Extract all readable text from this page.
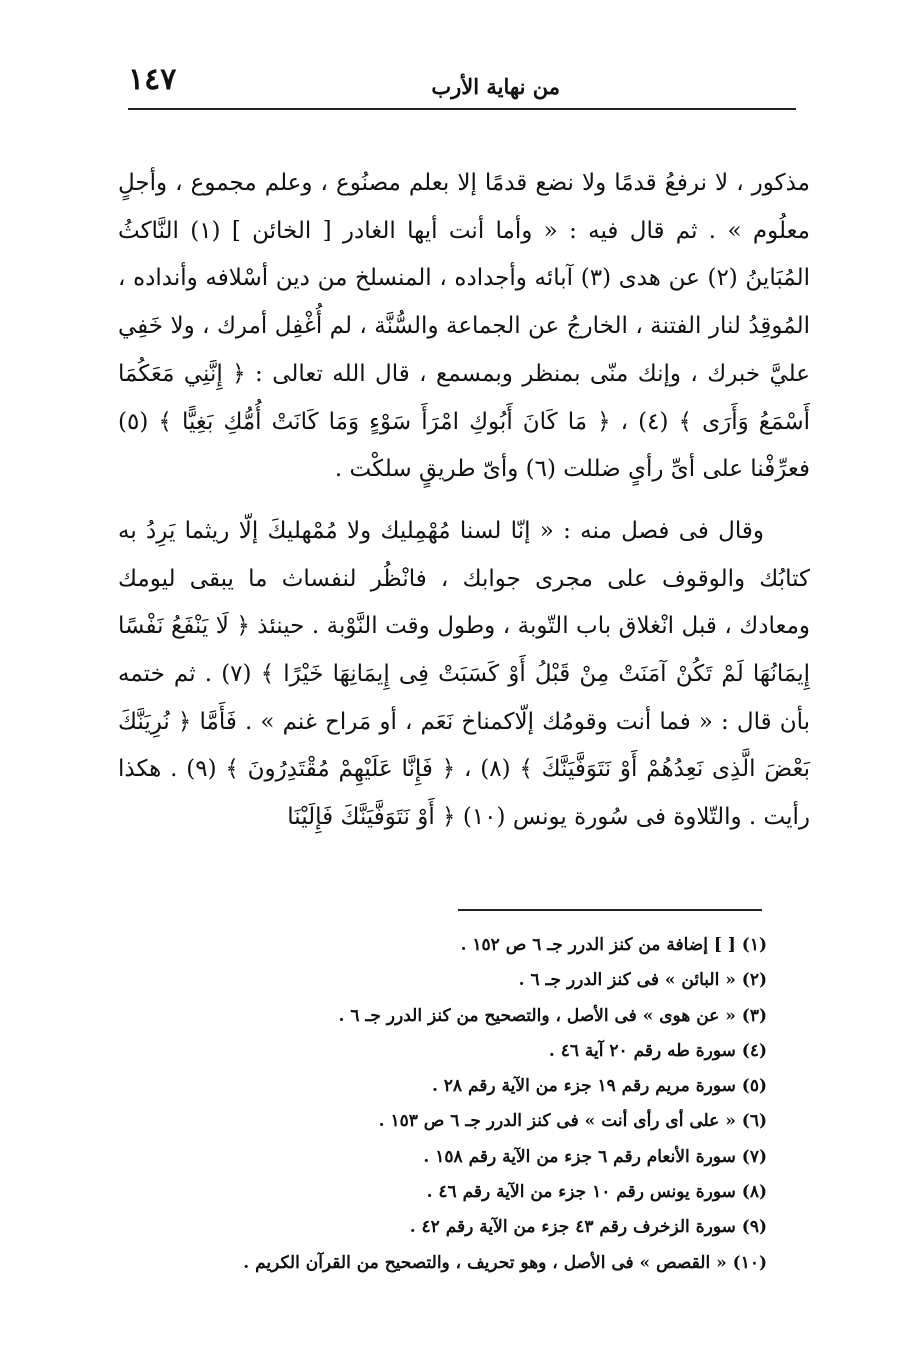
١٤٧	من نهاية الأرب

مذكور ، لا نرفعُ قدمًا ولا نضع قدمًا إلا بعلم مصنُوع ، وعلم مجموع ، وأجلٍ معلُوم » . ثم قال فيه : « وأما أنت أيها الغادر [ الخائن ] (١) النَّاكثُ المُبَاينُ (٢) عن هدى (٣) آبائه وأجداده ، المنسلخ من دين أسْلافه وأنداده ، المُوقِدُ لنار الفتنة ، الخارجُ عن الجماعة والسُّنَّة ، لم أُغْفِل أمرك ، ولا خَفِي عليَّ خبرك ، وإنك منّى بمنظر وبمسمع ، قال الله تعالى : ﴿ إِنَّنِي مَعَكُمَا أَسْمَعُ وَأَرَى ﴾ (٤) ، ﴿ مَا كَانَ أَبُوكِ امْرَأَ سَوْءٍ وَمَا كَانَتْ أُمُّكِ بَغِيًّا ﴾ (٥) فعرِّفْنا على أىِّ رأىٍ ضللت (٦) وأىّ طريقٍ سلكْت .

وقال فى فصل منه : « إنّا لسنا مُهْمِليك ولا مُمْهليكَ إلّا ريثما يَرِدُ به كتابُك والوقوف على مجرى جوابك ، فانْظُر لنفساث ما يبقى ليومك ومعادك ، قبل انْغلاق باب التّوبة ، وطول وقت النَّوْبة . حينئذ ﴿ لَا يَنْفَعُ نَفْسًا إِيمَانُهَا لَمْ تَكُنْ آمَنَتْ مِنْ قَبْلُ أَوْ كَسَبَتْ فِى إِيمَانِهَا خَيْرًا ﴾ (٧) . ثم ختمه بأن قال : « فما أنت وقومُك إلّاكمناخ نَعَم ، أو مَراح غنم » . فَأَمَّا ﴿ نُرِيَنَّكَ بَعْضَ الَّذِى نَعِدُهُمْ أَوْ نَتَوَفَّيَنَّكَ ﴾ (٨) ، ﴿ فَإِنَّا عَلَيْهِمْ مُقْتَدِرُونَ ﴾ (٩) . هكذا رأيت . والتّلاوة فى سُورة يونس (١٠) ﴿ أَوْ نَتَوَفَّيَنَّكَ فَإِلَيْنَا

(١) [ ] إضافة من كنز الدرر جـ ٦ ص ١٥٢ .
(٢) « البائن » فى كنز الدرر جـ ٦ .
(٣) « عن هوى » فى الأصل ، والتصحيح من كنز الدرر جـ ٦ .
(٤) سورة طه رقم ٢٠ آية ٤٦ .
(٥) سورة مريم رقم ١٩ جزء من الآية رقم ٢٨ .
(٦) « على أى رأى أنت » فى كنز الدرر جـ ٦ ص ١٥٣ .
(٧) سورة الأنعام رقم ٦ جزء من الآية رقم ١٥٨ .
(٨) سورة يونس رقم ١٠ جزء من الآية رقم ٤٦ .
(٩) سورة الزخرف رقم ٤٣ جزء من الآية رقم ٤٢ .
(١٠) « القصص » فى الأصل ، وهو تحريف ، والتصحيح من القرآن الكريم .
